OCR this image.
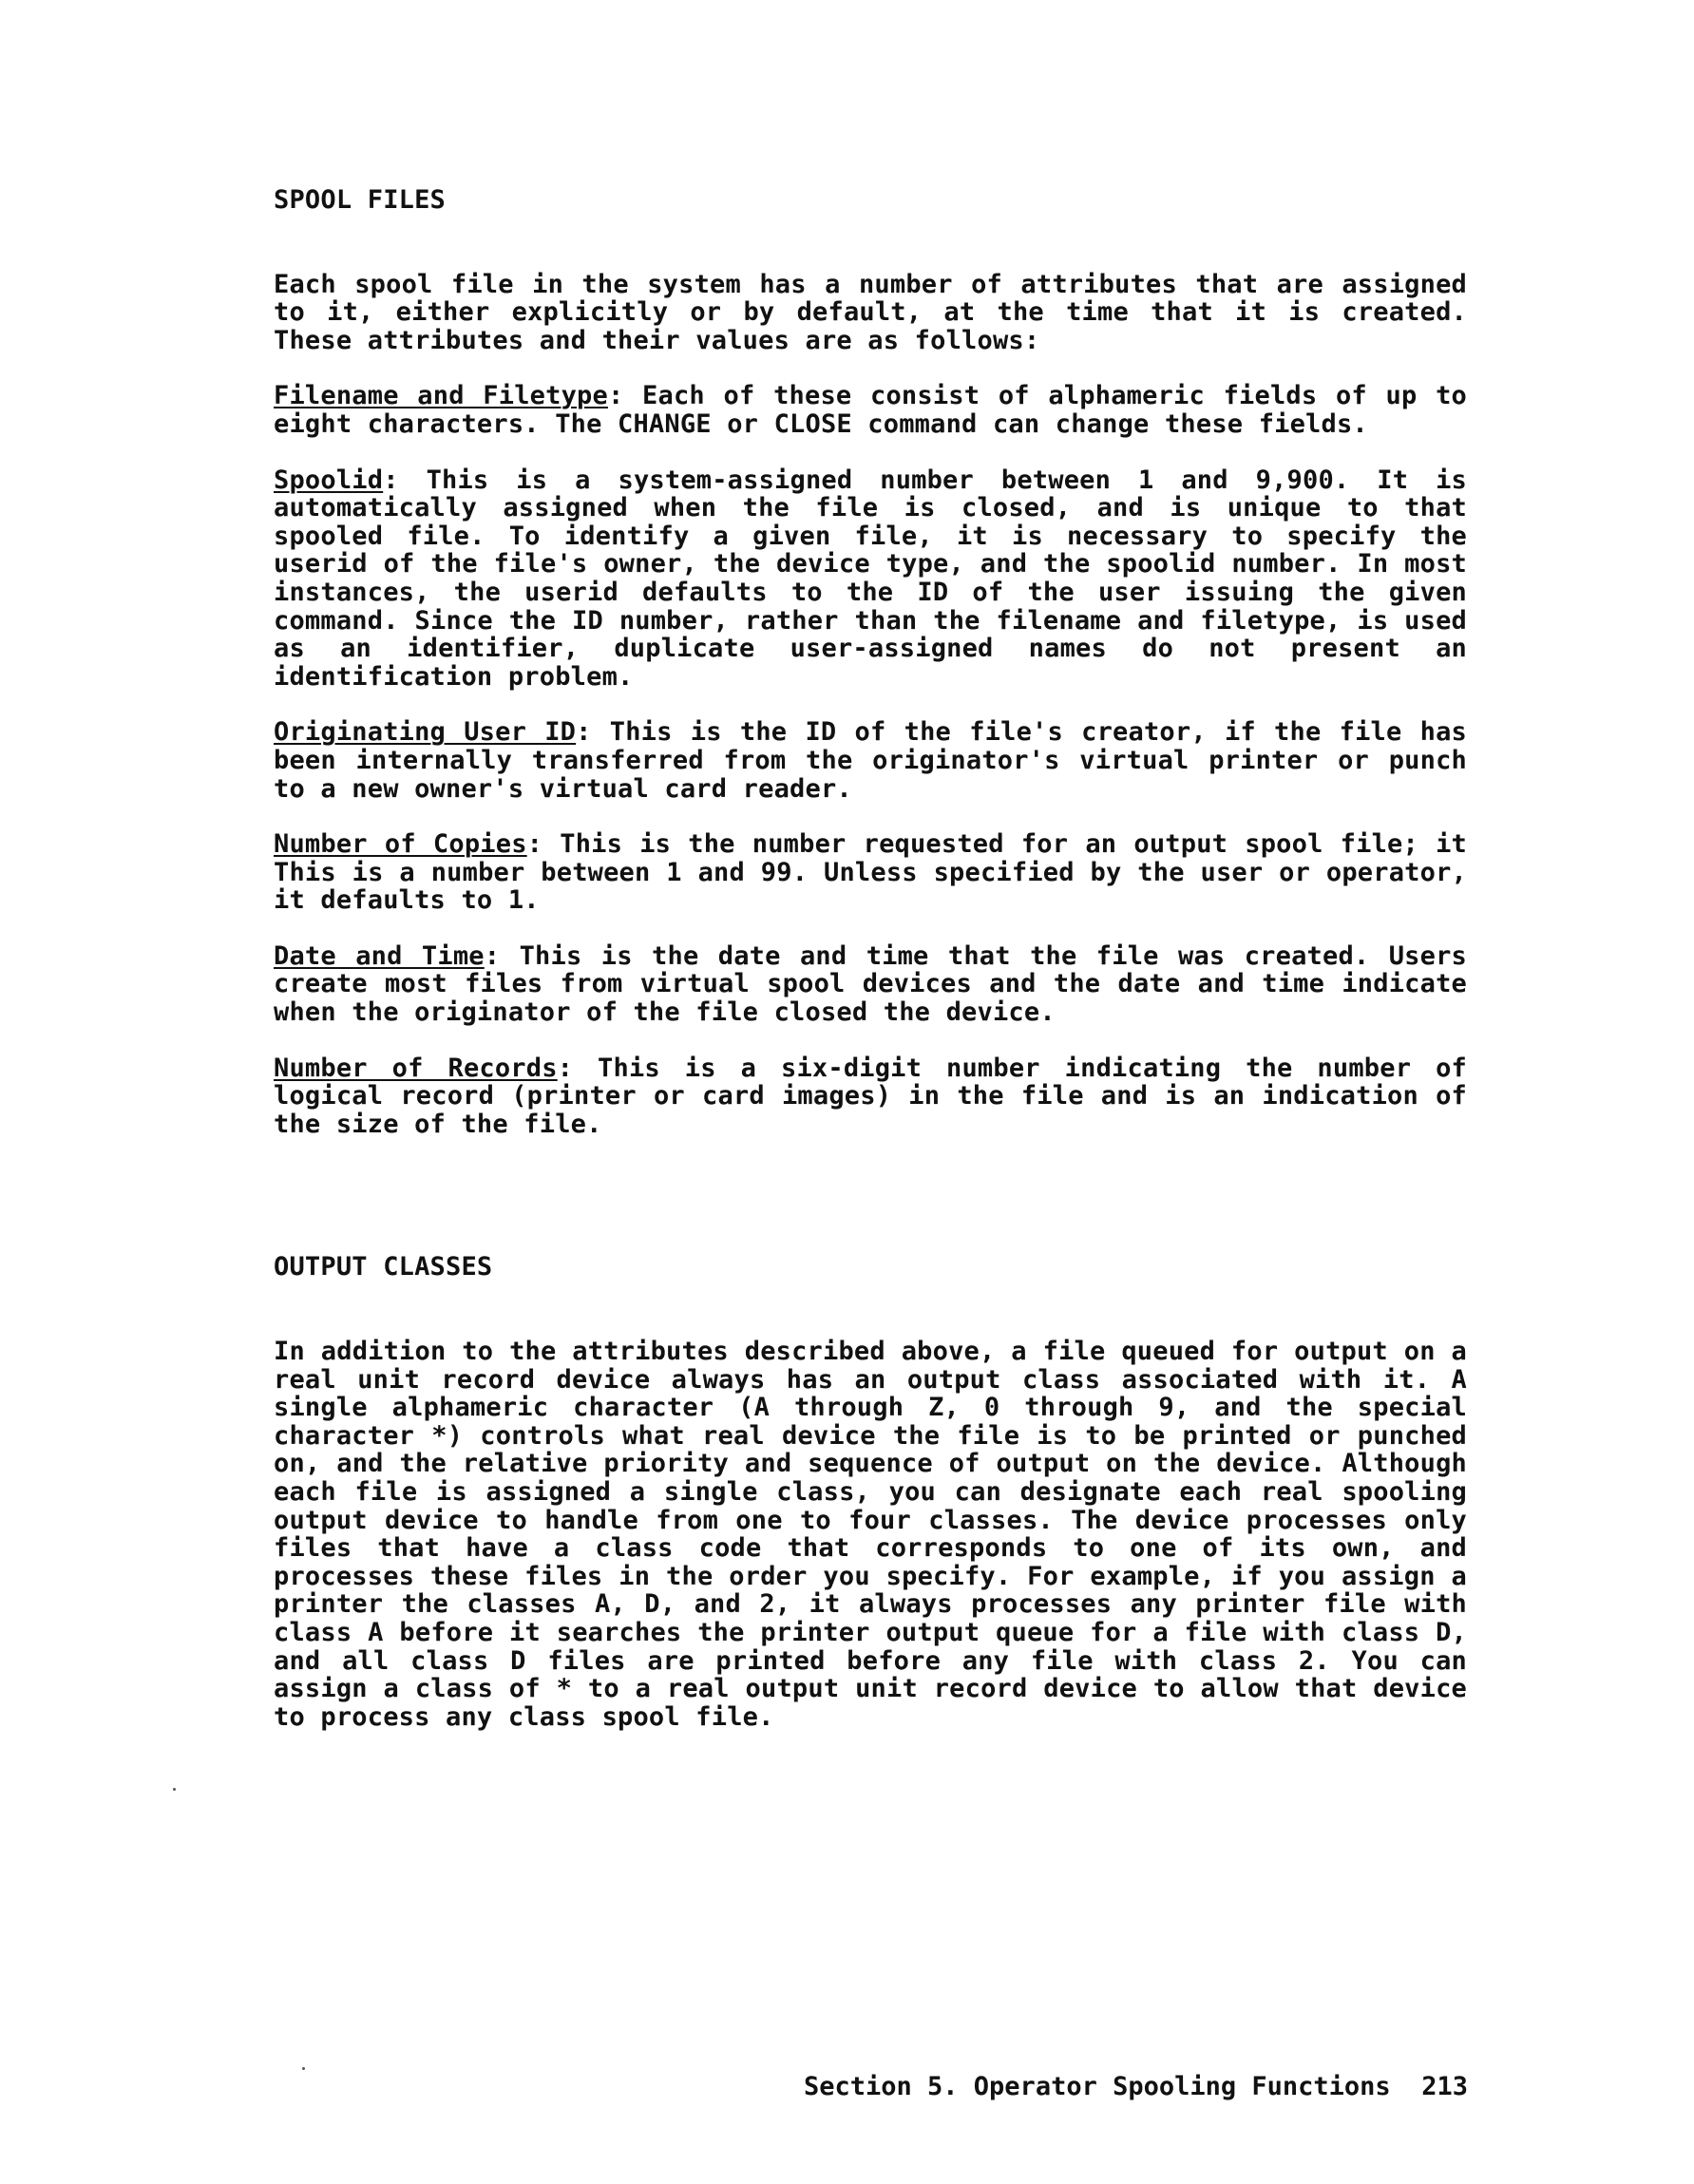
SPOOL FILES

Each spool file in the system has a number of attributes that are assigned to it, either explicitly or by default, at the time that it is created. These attributes and their values are as follows:

Filename and Filetype: Each of these consist of alphameric fields of up to eight characters. The CHANGE or CLOSE command can change these fields.

Spoolid: This is a system-assigned number between 1 and 9,900. It is automatically assigned when the file is closed, and is unique to that spooled file. To identify a given file, it is necessary to specify the userid of the file's owner, the device type, and the spoolid number. In most instances, the userid defaults to the ID of the user issuing the given command. Since the ID number, rather than the filename and filetype, is used as an identifier, duplicate user-assigned names do not present an identification problem.

Originating User ID: This is the ID of the file's creator, if the file has been internally transferred from the originator's virtual printer or punch to a new owner's virtual card reader.

Number of Copies: This is the number requested for an output spool file; it This is a number between 1 and 99. Unless specified by the user or operator, it defaults to 1.

Date and Time: This is the date and time that the file was created. Users create most files from virtual spool devices and the date and time indicate when the originator of the file closed the device.

Number of Records: This is a six-digit number indicating the number of logical record (printer or card images) in the file and is an indication of the size of the file.

OUTPUT CLASSES

In addition to the attributes described above, a file queued for output on a real unit record device always has an output class associated with it. A single alphameric character (A through Z, 0 through 9, and the special character *) controls what real device the file is to be printed or punched on, and the relative priority and sequence of output on the device. Although each file is assigned a single class, you can designate each real spooling output device to handle from one to four classes. The device processes only files that have a class code that corresponds to one of its own, and processes these files in the order you specify. For example, if you assign a printer the classes A, D, and 2, it always processes any printer file with class A before it searches the printer output queue for a file with class D, and all class D files are printed before any file with class 2. You can assign a class of * to a real output unit record device to allow that device to process any class spool file.

Section 5. Operator Spooling Functions 213
